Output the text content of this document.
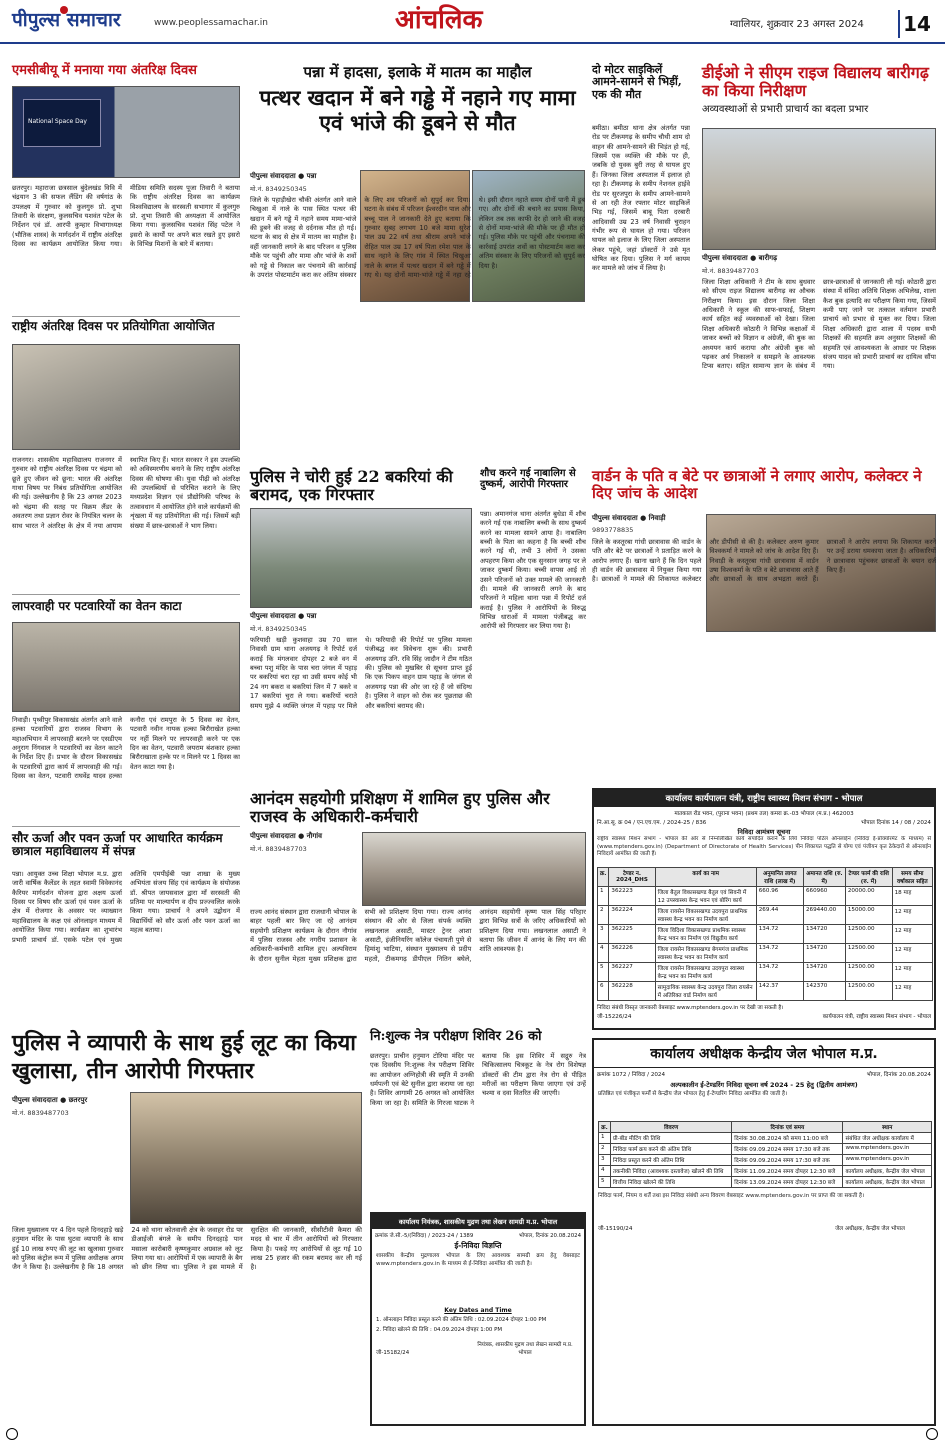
पीपुल्स समाचार	www.peoplessamachar.in	आंचलिक	ग्वालियर, शुक्रवार 23 अगस्त 2024 14
एमसीबीयू में मनाया गया अंतरिक्ष दिवस
National Space Day
छतरपुर। महाराजा छत्रसाल बुंदेलखंड विवि में चंद्रयान 3 की सफल लैंडिंग की वर्षगांठ के उपलक्ष्य में गुरुवार को कुलगुरु प्रो. शुभा तिवारी के संरक्षण, कुलसचिव यशवंत पटेल के निर्देशन एवं डॉ. आरपी कुम्हार विभागाध्यक्ष (भौतिक शास्त्र) के मार्गदर्शन में राष्ट्रीय अंतरिक्ष दिवस का कार्यक्रम आयोजित किया गया। मीडिया समिति सदस्य पूजा तिवारी ने बताया कि राष्ट्रीय अंतरिक्ष दिवस का कार्यक्रम विश्वविद्यालय के सरस्वती सभागार में कुलगुरु प्रो. शुभा तिवारी की अध्यक्षता में आयोजित किया गया। कुलसचिव यशवंत सिंह पटेल ने इसरो के कार्यों पर अपने बात रखते हुए इसरो के विभिन्न मिशनों के बारे में बताया।
राष्ट्रीय अंतरिक्ष दिवस पर प्रतियोगिता आयोजित
राजनगर। शासकीय महाविद्यालय राजनगर में गुरुवार को राष्ट्रीय अंतरिक्ष दिवस पर चंद्रमा को छूते हुए जीवन को छूना: भारत की अंतरिक्ष गाथा विषय पर निबंध प्रतियोगिता आयोजित की गई। उल्लेखनीय है कि 23 अगस्त 2023 को चंद्रमा की सतह पर विक्रम लैंडर के अवतरण तथा प्रज्ञान रोवर के नियंत्रित चलन के साथ भारत ने अंतरिक्ष के क्षेत्र में नया आयाम स्थापित किए हैं। भारत सरकार ने इस उपलब्धि को अविस्मरणीय बनाने के लिए राष्ट्रीय अंतरिक्ष दिवस की घोषणा की। युवा पीढ़ी को अंतरिक्ष की उपलब्धियों से परिचित कराने के लिए मध्यप्रदेश विज्ञान एवं प्रौद्योगिकी परिषद के तत्वावधान में आयोजित होने वाले कार्यक्रमों की शृंखला में यह प्रतियोगिता की गई। जिसमें बड़ी संख्या में छात्र-छात्राओं ने भाग लिया।
लापरवाही पर पटवारियों का वेतन काटा
निवाड़ी। पृथ्वीपुर विकासखंड अंतर्गत आने वाले हल्का पटवारियों द्वारा राजस्व विभाग के महाअभियान में लापरवाही बरतने पर एसडीएम अनुराग निंगवाल ने पटवारियों का वेतन काटने के निर्देश दिए हैं। प्रभार के दौरान विकासखंड के पटवारियों द्वारा कार्य में लापरवाही की गई। दिवस का वेतन, पटवारी राघवेंद्र यादव हल्का कनौरा एवं रामपुरा के 5 दिवस का वेतन, पटवारी नवीन नायक हल्का बिरौराखेत हल्का पर नहीं मिलने पर लापरवाही करने पर एक दिन का वेतन, पटवारी जयराम बंशकार हल्का बिरौराखाता हल्के पर न मिलने पर 1 दिवस का वेतन काटा गया है।
सौर ऊर्जा और पवन ऊर्जा पर आधारित कार्यक्रम छात्राल महाविद्यालय में संपन्न
पन्ना। आयुक्त उच्च शिक्षा भोपाल म.प्र. द्वारा जारी वार्षिक कैलेंडर के तहत स्वामी विवेकानंद कैरियर मार्गदर्शन योजना द्वारा अक्षय ऊर्जा दिवस पर विषय सौर ऊर्जा एवं पवन ऊर्जा के क्षेत्र में रोजगार के अवसर पर व्याख्यान महाविद्यालय के कक्ष एवं ऑनलाइन माध्यम में आयोजित किया गया। कार्यक्रम का शुभारंभ प्रभारी प्राचार्य डॉ. एसके पटेल एवं मुख्य अतिथि एमपीईबी पन्ना शाखा के मुख्य अभियंता संजय सिंह एवं कार्यक्रम के संयोजक डॉ. श्रीपत जायसवाल द्वारा माँ सरस्वती की प्रतिमा पर माल्यार्पण व दीप प्रज्ज्वलित करके किया गया। प्राचार्य ने अपने उद्बोधन में विद्यार्थियों को सौर ऊर्जा और पवन ऊर्जा का महत्व बताया।
पन्ना में हादसा, इलाके में मातम का माहौल
पत्थर खदान में बने गड्ढे में नहाने गए मामा एवं भांजे की डूबने से मौत
पीपुल्स संवाददाता ● पन्ना
मो.नं. 8349250345
जिले के पहाड़ीखेरा चौकी अंतर्गत आने वाले चिखुआ में नाले के पास स्थित पत्थर की खदान में बने गड्ढे में नहाने समय मामा-भांजे की डूबने की वजह से दर्दनाक मौत हो गई। घटना के बाद से क्षेत्र में मातम का माहौल है। वहीं जानकारी लगने के बाद परिजन व पुलिस मौके पर पहुंची और मामा और भांजे के शवों को गड्ढे से निकाल कर पंचनामे की कार्रवाई के उपरांत पोस्टमार्टम करा कर अंतिम संस्कार के लिए शव परिजनों को सुपुर्द कर दिया। घटना के संबंध में परिजन ईश्वरदीन पाल और बच्चू पाल ने जानकारी देते हुए बताया कि गुरुवार सुबह लगभग 10 बजे मामा सुरेश पाल उम्र 22 वर्ष तथा श्रीराम अपने भांजे रोहित पाल उम्र 17 वर्ष पिता रमेश पाल के साथ नहाने के लिए गांव में स्थित चिखुआ नाले के बगल में पत्थर खदान में बने गड्ढे में गए थे। यह दोनों मामा-भांजे गड्ढे में नहा रहे थे। इसी दौरान नहाते समय दोनों पानी में डूब गए। और दोनों की बचाने का प्रयास किया, लेकिन तब तक काफी देर हो जाने की वजह से दोनों मामा-भांजे की मौके पर ही मौत हो गई। पुलिस मौके पर पहुंची और पंचनामा की कार्रवाई उपरांत शवों का पोस्टमार्टम करा कर अंतिम संस्कार के लिए परिजनों को सुपुर्द कर दिया है।
दो मोटर साइकिलें आमने-सामने से भिड़ीं, एक की मौत
बमीठा। बमीठा थाना क्षेत्र अंतर्गत पन्ना रोड पर टीकमगढ़ के समीप चौथी शाम दो वाहन की आमने-सामने की भिड़ंत हो गई, जिसमें एक व्यक्ति की मौके पर ही, जबकि दो युवक बुरी तरह से घायल हुए हैं। जिनका जिला अस्पताल में इलाज हो रहा है। टीकमगढ़ के समीप नेशनल हाईवे रोड पर सुरजपुरा के समीप आमने-सामने से आ रही तेज रफ्तार मोटर साइकिलें भिड़ गई, जिसमें बाबू पिता दरबारी आदिवासी उम्र 23 वर्ष निवासी चुराहन गंभीर रूप से घायल हो गया। परिजन घायल को इलाज के लिए जिला अस्पताल लेकर पहुंचे, जहां डॉक्टरों ने उसे मृत घोषित कर दिया। पुलिस ने मर्ग कायम कर मामले को जांच में लिया है।
डीईओ ने सीएम राइज विद्यालय बारीगढ़ का किया निरीक्षण
अव्यवस्थाओं से प्रभारी प्राचार्य का बदला प्रभार
पीपुल्स संवाददाता ● बारीगढ़
मो.नं. 8839487703
जिला शिक्षा अधिकारी ने टीम के साथ बुधवार को सीएम राइज विद्यालय बारीगढ़ का औचक निरीक्षण किया। इस दौरान जिला शिक्षा अधिकारी ने स्कूल की साफ-सफाई, शिक्षण कार्य सहित कई व्यवस्थाओं को देखा। जिला शिक्षा अधिकारी कोठारी ने विभिन्न कक्षाओं में जाकर बच्चों को विज्ञान व अंग्रेजी, की बुक का अध्ययन कार्य कराया और अंग्रेजी बुक को पढ़कर अर्थ निकालने व समझने के आवश्यक टिप्स बताए। सहित सामान्य ज्ञान के संबंध में छात्र-छात्राओं से जानकारी ली गई। कोठारी द्वारा संस्था में संविदा अतिथि शिक्षक अभिलेख, शाला कैश बुक इत्यादि का परीक्षण किया गया, जिसमें कमी पाए जाने पर तत्काल वर्तमान प्रभारी प्राचार्य को प्रभार से मुक्त कर दिया। जिला शिक्षा अधिकारी द्वारा शाला में पदस्थ सभी शिक्षकों की सहमति क्रम अनुसार शिक्षकों की सहमति एवं आवश्यकता के आधार पर शिक्षक संजय यादव को प्रभारी प्राचार्य का दायित्व सौंपा गया।
पुलिस ने चोरी हुई 22 बकरियां की बरामद, एक गिरफ्तार
पीपुल्स संवाददाता ● पन्ना
मो.नं. 8349250345
फरियादी खड़ी कुशवाहा उम्र 70 साल निवासी ग्राम थाना अजयगढ़ ने रिपोर्ट दर्ज कराई कि मंगलवार दोपहर 2 बजे वन में बच्चा पशु मंदिर के पास चरा जंगल में पहाड़ पर बकरियां चरा रहा था उसी समय कोई भी 24 नग बकरा व बकरियां जिन में 7 बकरे व 17 बकरियां चुरा ले गया। बकरियों चराते समय मुझे 4 व्यक्ति जंगल में पहाड़ पर मिले थे। फरियादी की रिपोर्ट पर पुलिस मामला पंजीबद्ध कर विवेचना शुरू की। प्रभारी अजयगढ़ उनि. रवि सिंह जादौन ने टीम गठित की। पुलिस को मुखबिर से सूचना प्राप्त हुई कि एक पिकप वाहन ग्राम पहाड़ के जंगल से अजयगढ़ पन्ना की ओर जा रहे हैं जो संदिग्ध है। पुलिस ने वाहन को रोक कर पूछताछ की और बकरियां बरामद की।
शौच करने गई नाबालिग से दुष्कर्म, आरोपी गिरफ्तार
पन्ना। अमानगंज थाना अंतर्गत बुधेडा में शौच करने गई एक नाबालिग बच्ची के साथ दुष्कर्म करने का मामला सामने आया है। नाबालिग बच्ची के पिता का कहना है कि बच्ची शौच करने गई थी, तभी 3 लोगों ने उसका अपहरण किया और एक सुनसान जगह पर ले जाकर दुष्कर्म किया। बच्ची वापस आई तो उसने परिजनों को उक्त मामले की जानकारी दी। मामले की जानकारी लगने के बाद परिजनों ने महिला थाना पन्ना में रिपोर्ट दर्ज कराई है। पुलिस ने आरोपियों के विरुद्ध विभिन्न धाराओं में मामला पंजीबद्ध कर आरोपी को गिरफ्तार कर लिया गया है।
वार्डन के पति व बेटे पर छात्राओं ने लगाए आरोप, कलेक्टर ने दिए जांच के आदेश
पीपुल्स संवाददाता ● निवाड़ी
9893778835
जिले के कस्तूरबा गांधी छात्रावास की वार्डन के पति और बेटे पर छात्राओं ने प्रताड़ित करने के आरोप लगाए हैं। खाना खाने हैं कि दिन पहले ही वार्डन की छात्रावास में नियुक्त किया गया है। छात्राओं ने मामले की शिकायत कलेक्टर और डीपीसी से की है। कलेक्टर अरुण कुमार विश्वकर्मा ने मामले को जांच के आदेश दिए हैं। निवाड़ी के कस्तूरबा गांधी छात्रावास में वार्डन उषा विश्वकर्मा के पति व बेटे छात्रावास आते हैं और छात्राओं के साथ अभद्रता करते हैं। छात्राओं ने आरोप लगाया कि शिकायत करने पर उन्हें डराया धमकाया जाता है। अधिकारियों ने छात्रावास पहुंचकर छात्राओं के बयान दर्ज किए हैं।
आनंदम सहयोगी प्रशिक्षण में शामिल हुए पुलिस और राजस्व के अधिकारी-कर्मचारी
पीपुल्स संवाददाता ● नौगांव
मो.नं. 8839487703
राज्य आनंद संस्थान द्वारा राजधानी भोपाल के बाहर पहली बार किए जा रहे आनंदम सहयोगी प्रशिक्षण कार्यक्रम के दौरान नौगांव में पुलिस राजस्व और नगरीय प्रशासन के अधिकारी-कर्मचारी शामिल हुए। अल्पविराम के दौरान सुनील मेहता मुख्य प्रशिक्षक द्वारा सभी को प्रशिक्षण दिया गया। राज्य आनंद संस्थान की ओर से जिला संपर्क व्यक्ति लखनलाल असाटी, मास्टर ट्रेनर आशा असाटी, इंजीनियरिंग कॉलेज पंचायती पुणे से हिमांशु भाटिया, संस्थान मुख्यालय से प्रदीप महतो, टीकमगढ़ डीपीएल नितिन बघेले, आनंदम सहयोगी कृष्ण पाल सिंह परिहार द्वारा विभिन्न सत्रों के जरिए अधिकारियों को प्रशिक्षण दिया गया। लखनलाल असाटी ने बताया कि जीवन में आनंद के लिए मन की शांति आवश्यक है।
कार्यालय कार्यपालन यंत्री, राष्ट्रीय स्वास्थ्य मिशन संभाग - भोपाल
मातकाल रोड भवन, (पुराना भवन) (प्रथम तल) कमरा क्र.-03 भोपाल (म.प्र.) 462003
नि.आ.सू. क्र 04 / एन.एच.एम. / 2024-25 / 836	भोपाल दिनांक 14 / 08 / 2024
निविदा आमंत्रण सूचना
राष्ट्रीय स्वास्थ्य मिशन संभाग - भोपाल की ओर से निम्नलिखित कार्य संपादित कराने के लिये निविदा पोर्टल ऑनलाईन (निविदा ई-प्रोक्योरमेंट के माध्यम) से (www.mptenders.gov.in) (Department of Directorate of Health Services) पीन शिकायत पद्धति से योग्य एवं पंजीयन कृत ठेकेदारों से ऑनलाईन निविदायें आमंत्रित की जाती हैं।
क्र.	टेण्डर न. 2024_DHS	कार्य का नाम	अनुमानित लागत राशि (लाख में)	अमानत राशि (रु. में)	टेण्डर फार्म की राशि (रु. में)	समय सीमा वर्षाकाल सहित
1	362223	जिला बैतूल विकासखण्ड बैतूल एवं सिवनी में 12 उपस्वास्थ्य केन्द्र भवन एवं बोरिंग कार्य	660.96	660960	20000.00	18 माह
2	362224	जिला रायसेन विकासखण्ड उदयपुरा प्राथमिक स्वास्थ्य केन्द्र भवन का निर्माण कार्य	269.44	269440.00	15000.00	12 माह
3	362225	जिला विदिशा विकासखण्ड प्राथमिक स्वास्थ्य केन्द्र भवन का निर्माण एवं विद्युतीय कार्य	134.72	134720	12500.00	12 माह
4	362226	जिला रायसेन विकासखण्ड बेगमगंज प्राथमिक स्वास्थ्य केन्द्र भवन का निर्माण कार्य	134.72	134720	12500.00	12 माह
5	362227	जिला रायसेन विकासखण्ड उदयपुरा स्वास्थ्य केन्द्र भवन का निर्माण कार्य	134.72	134720	12500.00	12 माह
6	362228	सामुदायिक स्वास्थ्य केन्द्र उदयपुरा जिला रायसेन में अतिरिक्त वार्ड निर्माण कार्य	142.37	142370	12500.00	12 माह
निविदा संबंधी विस्तृत जानकारी वेबसाइट www.mptenders.gov.in पर देखी जा सकती है।
जी-15226/24	कार्यपालन यंत्री, राष्ट्रीय स्वास्थ्य मिशन संभाग - भोपाल
पुलिस ने व्यापारी के साथ हुई लूट का किया खुलासा, तीन आरोपी गिरफ्तार
पीपुल्स संवाददाता ● छतरपुर
मो.नं. 8839487703
जिला मुख्यालय पर 4 दिन पहले दिनदहाड़े खड़े हनुमान मंदिर के पास घुटवा व्यापारी के साथ हुई 10 लाख रुपए की लूट का खुलासा गुरुवार को पुलिस कंट्रोल रूम में पुलिस अधीक्षक अगम जैन ने किया है। उल्लेखनीय है कि 18 अगस्त 24 को थाना कोतवाली क्षेत्र के जवाहर रोड पर डीआईजी बंगले के समीप दिनदहाड़े पान मसाला कारोबारी कृष्णकुमार अग्रवाल को लूट लिया गया था। आरोपियों में एक व्यापारी के बैग को छीन लिया था। पुलिस ने इस मामले में सुरक्षित की जानकारी, सीसीटीवी कैमरा की मदद से चार में तीन आरोपियों को गिरफ्तार किया है। पकड़े गए आरोपियों से लूट गई 10 लाख 25 हजार की रकम बरामद कर ली गई है।
नि:शुल्क नेत्र परीक्षण शिविर 26 को
छतरपुर। प्राचीन हनुमान टोरिया मंदिर पर एक दिवसीय नि:शुल्क नेत्र परीक्षण शिविर का आयोजन अग्निहोत्री की स्मृति में उनकी धर्मपत्नी एवं बेटे सुनील द्वारा कराया जा रहा है। शिविर आगामी 26 अगस्त को आयोजित किया जा रहा है। समिति के गिरजा घाटक ने बताया कि इस शिविर में सद्गुरु नेत्र चिकित्सालय चित्रकूट के नेत्र रोग विशेषज्ञ डॉक्टरों की टीम द्वारा नेत्र रोग से पीड़ित मरीजों का परीक्षण किया जाएगा एवं उन्हें चश्मा व दवा वितरित की जाएगी।
कार्यालय नियंत्रक, शासकीय मुद्रण तथा लेखन सामग्री म.प्र. भोपाल
क्रमांक जे.सी.-5/(निविदा) / 2023-24 / 1389	भोपाल, दिनांक 20.08.2024
ई-निविदा विज्ञप्ति
शासकीय केन्द्रीय मुद्रणालय भोपाल के लिए आवश्यक सामग्री क्रय हेतु वेबसाइट www.mptenders.gov.in के माध्यम से ई-निविदा आमंत्रित की जाती है।
Key Dates and Time
1. ऑनलाइन निविदा प्रस्तुत करने की अंतिम तिथि : 02.09.2024 दोपहर 1:00 PM
2. निविदा खोलने की तिथि : 04.09.2024 दोपहर 1:00 PM
जी-15182/24
नियंत्रक, शासकीय मुद्रण तथा लेखन सामग्री म.प्र. भोपाल
कार्यालय अधीक्षक केन्द्रीय जेल भोपाल म.प्र.
क्रमांक 1072 / निविदा / 2024	भोपाल, दिनांक 20.08.2024
अल्पकालीन ई-टेण्डरिंग निविदा सूचना वर्ष 2024 - 25 हेतु (द्वितीय आमंत्रण)
प्रतिष्ठित एवं पंजीकृत फर्मों से केन्द्रीय जेल भोपाल हेतु ई-टेण्डरिंग निविदा आमंत्रित की जाती है।
क्र.	विवरण	दिनांक एवं समय	स्थान
1	प्री-बीड मीटिंग की तिथि	दिनांक 30.08.2024 को समय 11:00 बजे	संबंधित जेल अधीक्षक कार्यालय में
2	निविदा फार्म क्रय करने की अंतिम तिथि	दिनांक 09.09.2024 समय 17:30 बजे तक	www.mptenders.gov.in
3	निविदा प्रस्तुत करने की अंतिम तिथि	दिनांक 09.09.2024 समय 17:30 बजे तक	www.mptenders.gov.in
4	तकनीकी निविदा (आवश्यक दस्तावेज) खोलने की तिथि	दिनांक 11.09.2024 समय दोपहर 12:30 बजे	कार्यालय अधीक्षक, केन्द्रीय जेल भोपाल
5	वित्तीय निविदा खोलने की तिथि	दिनांक 13.09.2024 समय दोपहर 12:30 बजे	कार्यालय अधीक्षक, केन्द्रीय जेल भोपाल
निविदा फार्म, नियम व शर्तें तथा इस निविदा संबंधी अन्य विवरण वेबसाइट www.mptenders.gov.in पर प्राप्त की जा सकती है।
जी-15190/24	जेल अधीक्षक, केन्द्रीय जेल भोपाल
